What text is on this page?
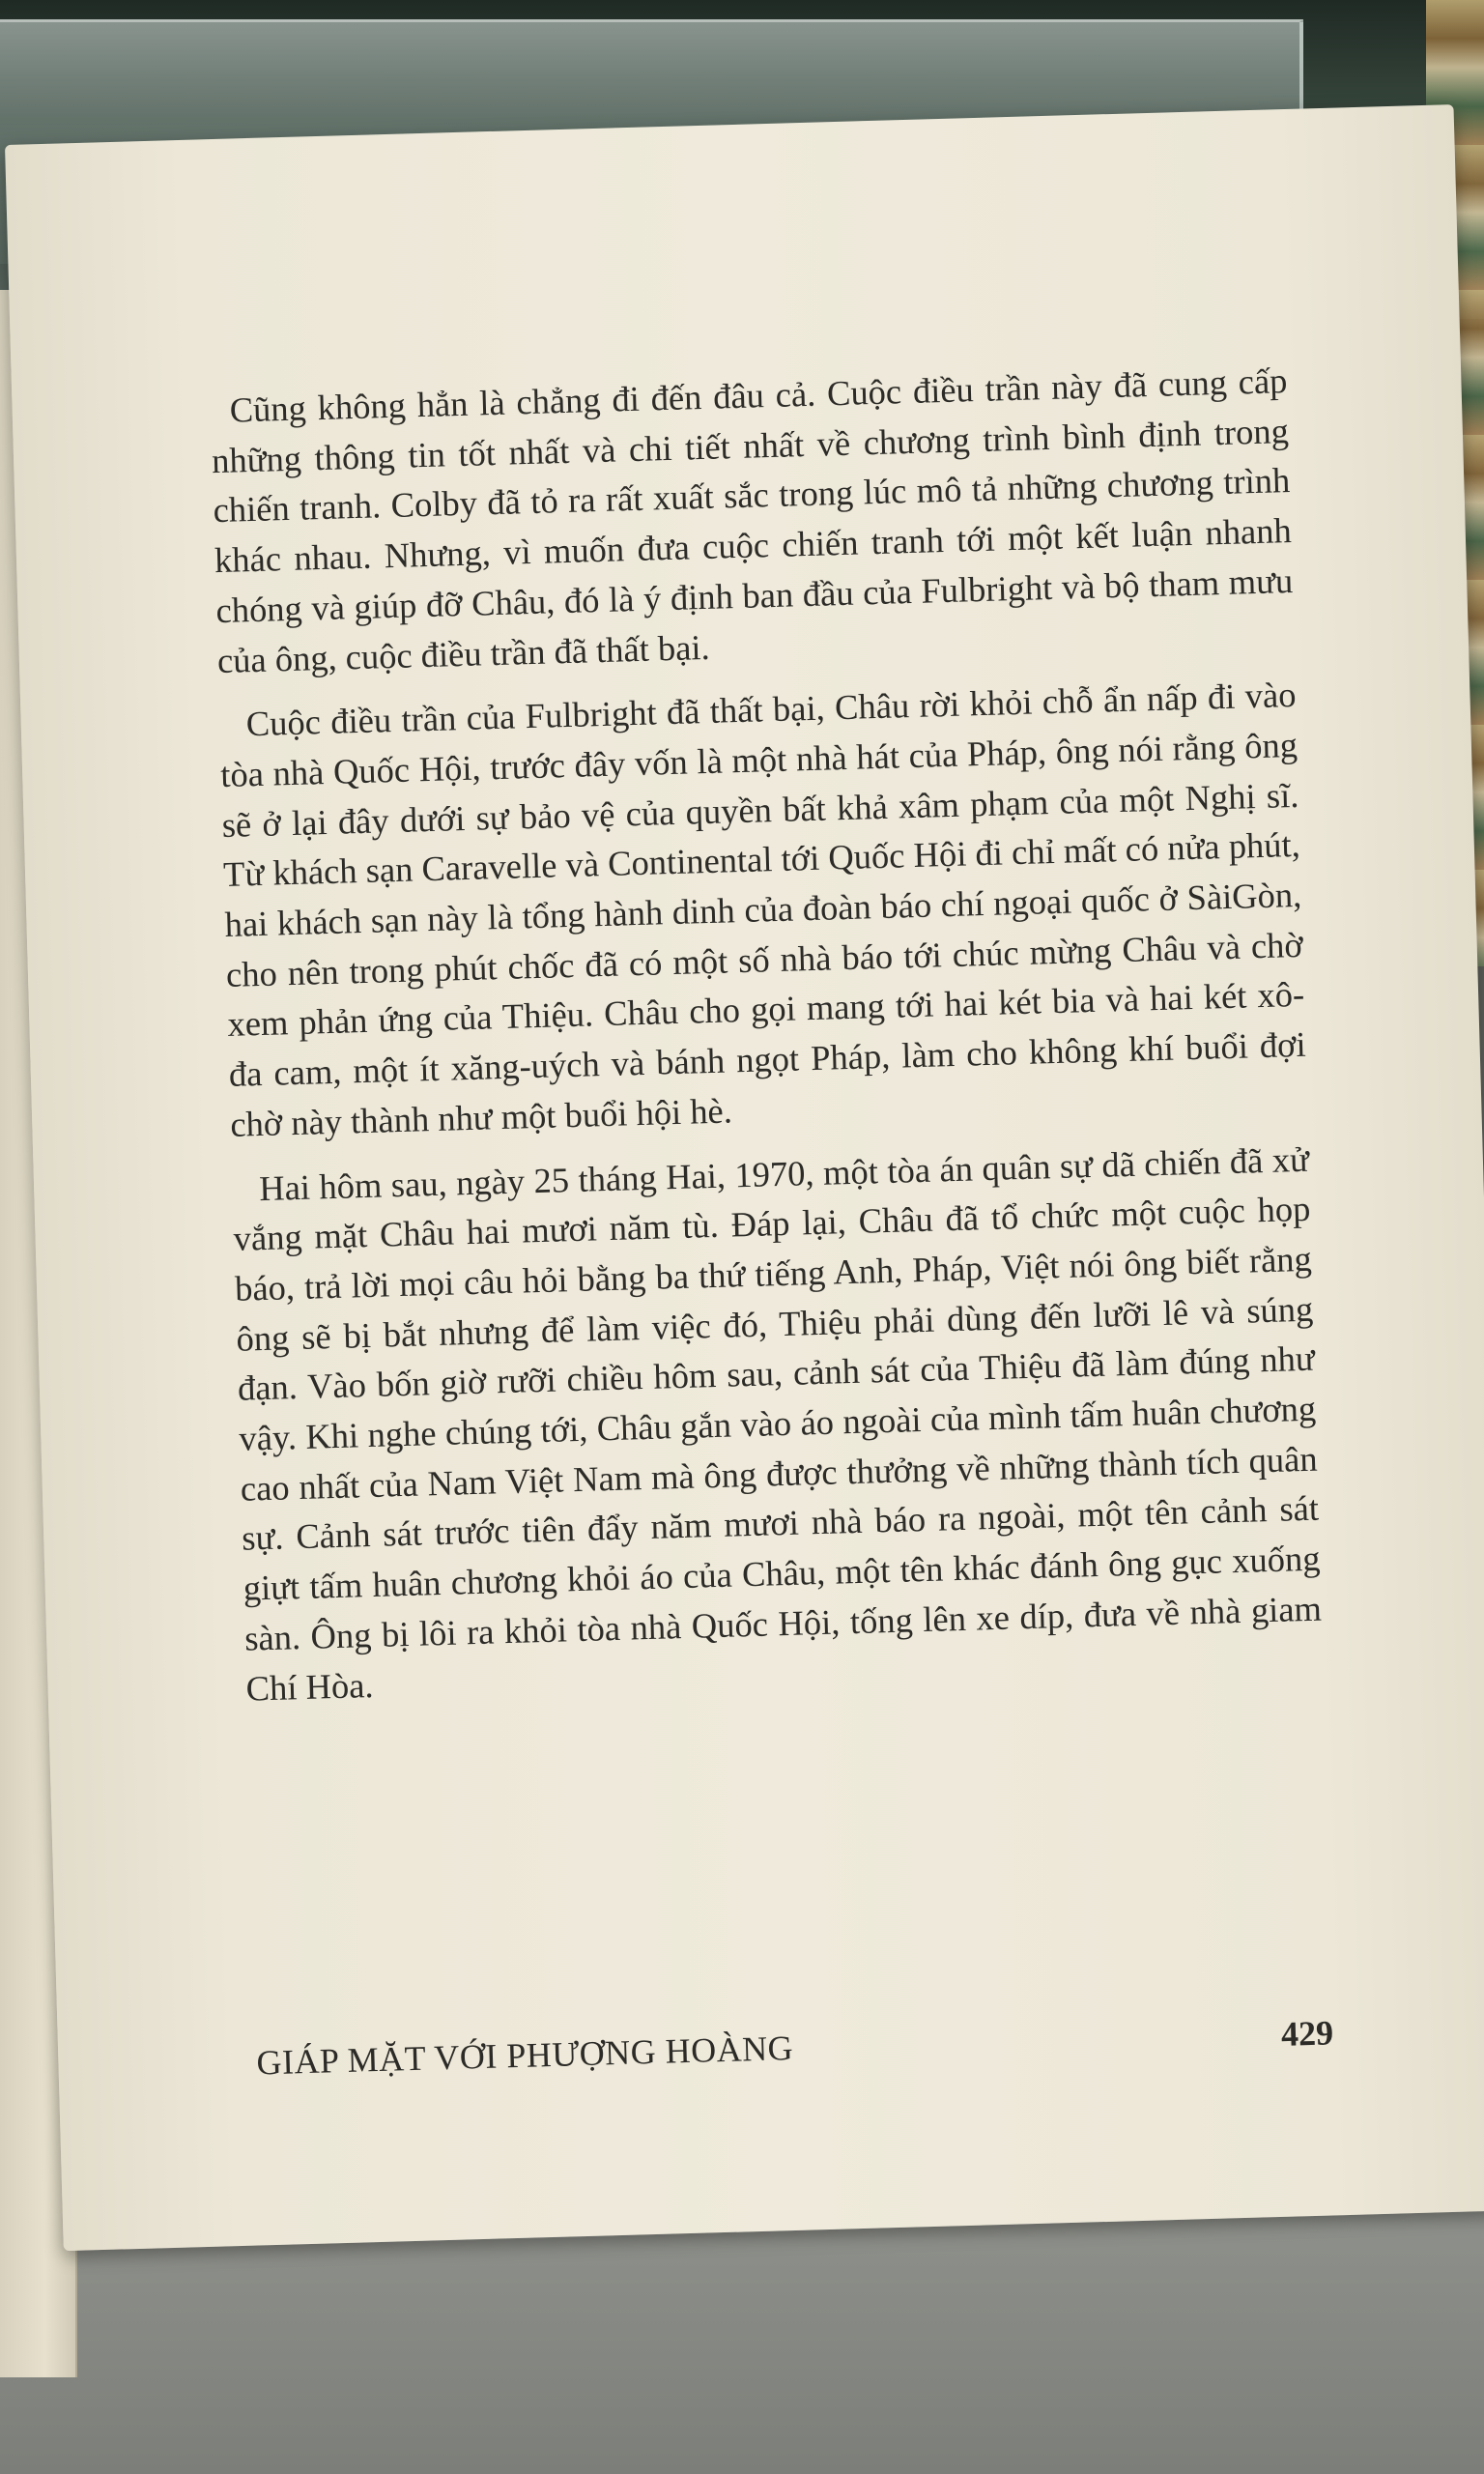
Cũng không hẳn là chẳng đi đến đâu cả. Cuộc điều trần này đã cung cấp những thông tin tốt nhất và chi tiết nhất về chương trình bình định trong chiến tranh. Colby đã tỏ ra rất xuất sắc trong lúc mô tả những chương trình khác nhau. Nhưng, vì muốn đưa cuộc chiến tranh tới một kết luận nhanh chóng và giúp đỡ Châu, đó là ý định ban đầu của Fulbright và bộ tham mưu của ông, cuộc điều trần đã thất bại.

Cuộc điều trần của Fulbright đã thất bại, Châu rời khỏi chỗ ẩn nấp đi vào tòa nhà Quốc Hội, trước đây vốn là một nhà hát của Pháp, ông nói rằng ông sẽ ở lại đây dưới sự bảo vệ của quyền bất khả xâm phạm của một Nghị sĩ. Từ khách sạn Caravelle và Continental tới Quốc Hội đi chỉ mất có nửa phút, hai khách sạn này là tổng hành dinh của đoàn báo chí ngoại quốc ở SàiGòn, cho nên trong phút chốc đã có một số nhà báo tới chúc mừng Châu và chờ xem phản ứng của Thiệu. Châu cho gọi mang tới hai két bia và hai két xô-đa cam, một ít xăng-uých và bánh ngọt Pháp, làm cho không khí buổi đợi chờ này thành như một buổi hội hè.

Hai hôm sau, ngày 25 tháng Hai, 1970, một tòa án quân sự dã chiến đã xử vắng mặt Châu hai mươi năm tù. Đáp lại, Châu đã tổ chức một cuộc họp báo, trả lời mọi câu hỏi bằng ba thứ tiếng Anh, Pháp, Việt nói ông biết rằng ông sẽ bị bắt nhưng để làm việc đó, Thiệu phải dùng đến lưỡi lê và súng đạn. Vào bốn giờ rưỡi chiều hôm sau, cảnh sát của Thiệu đã làm đúng như vậy. Khi nghe chúng tới, Châu gắn vào áo ngoài của mình tấm huân chương cao nhất của Nam Việt Nam mà ông được thưởng về những thành tích quân sự. Cảnh sát trước tiên đẩy năm mươi nhà báo ra ngoài, một tên cảnh sát giựt tấm huân chương khỏi áo của Châu, một tên khác đánh ông gục xuống sàn. Ông bị lôi ra khỏi tòa nhà Quốc Hội, tống lên xe díp, đưa về nhà giam Chí Hòa.

GIÁP MẶT VỚI PHƯỢNG HOÀNG	429
